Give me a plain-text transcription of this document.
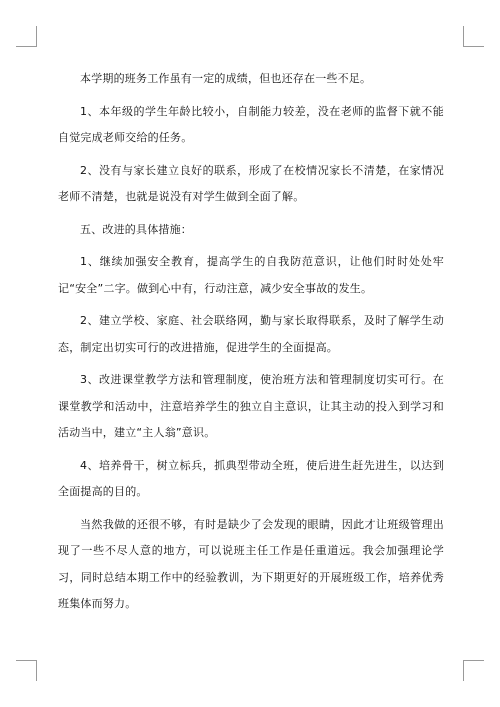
本学期的班务工作虽有一定的成绩，但也还存在一些不足。

1、本年级的学生年龄比较小，自制能力较差，没在老师的监督下就不能自觉完成老师交给的任务。

2、没有与家长建立良好的联系，形成了在校情况家长不清楚，在家情况老师不清楚，也就是说没有对学生做到全面了解。

五、改进的具体措施：

1、继续加强安全教育，提高学生的自我防范意识，让他们时时处处牢记“安全”二字。做到心中有，行动注意，减少安全事故的发生。

2、建立学校、家庭、社会联络网，勤与家长取得联系，及时了解学生动态，制定出切实可行的改进措施，促进学生的全面提高。

3、改进课堂教学方法和管理制度，使治班方法和管理制度切实可行。在课堂教学和活动中，注意培养学生的独立自主意识，让其主动的投入到学习和活动当中，建立“主人翁”意识。

4、培养骨干，树立标兵，抓典型带动全班，使后进生赶先进生，以达到全面提高的目的。

当然我做的还很不够，有时是缺少了会发现的眼睛，因此才让班级管理出现了一些不尽人意的地方，可以说班主任工作是任重道远。我会加强理论学习，同时总结本期工作中的经验教训，为下期更好的开展班级工作，培养优秀班集体而努力。
